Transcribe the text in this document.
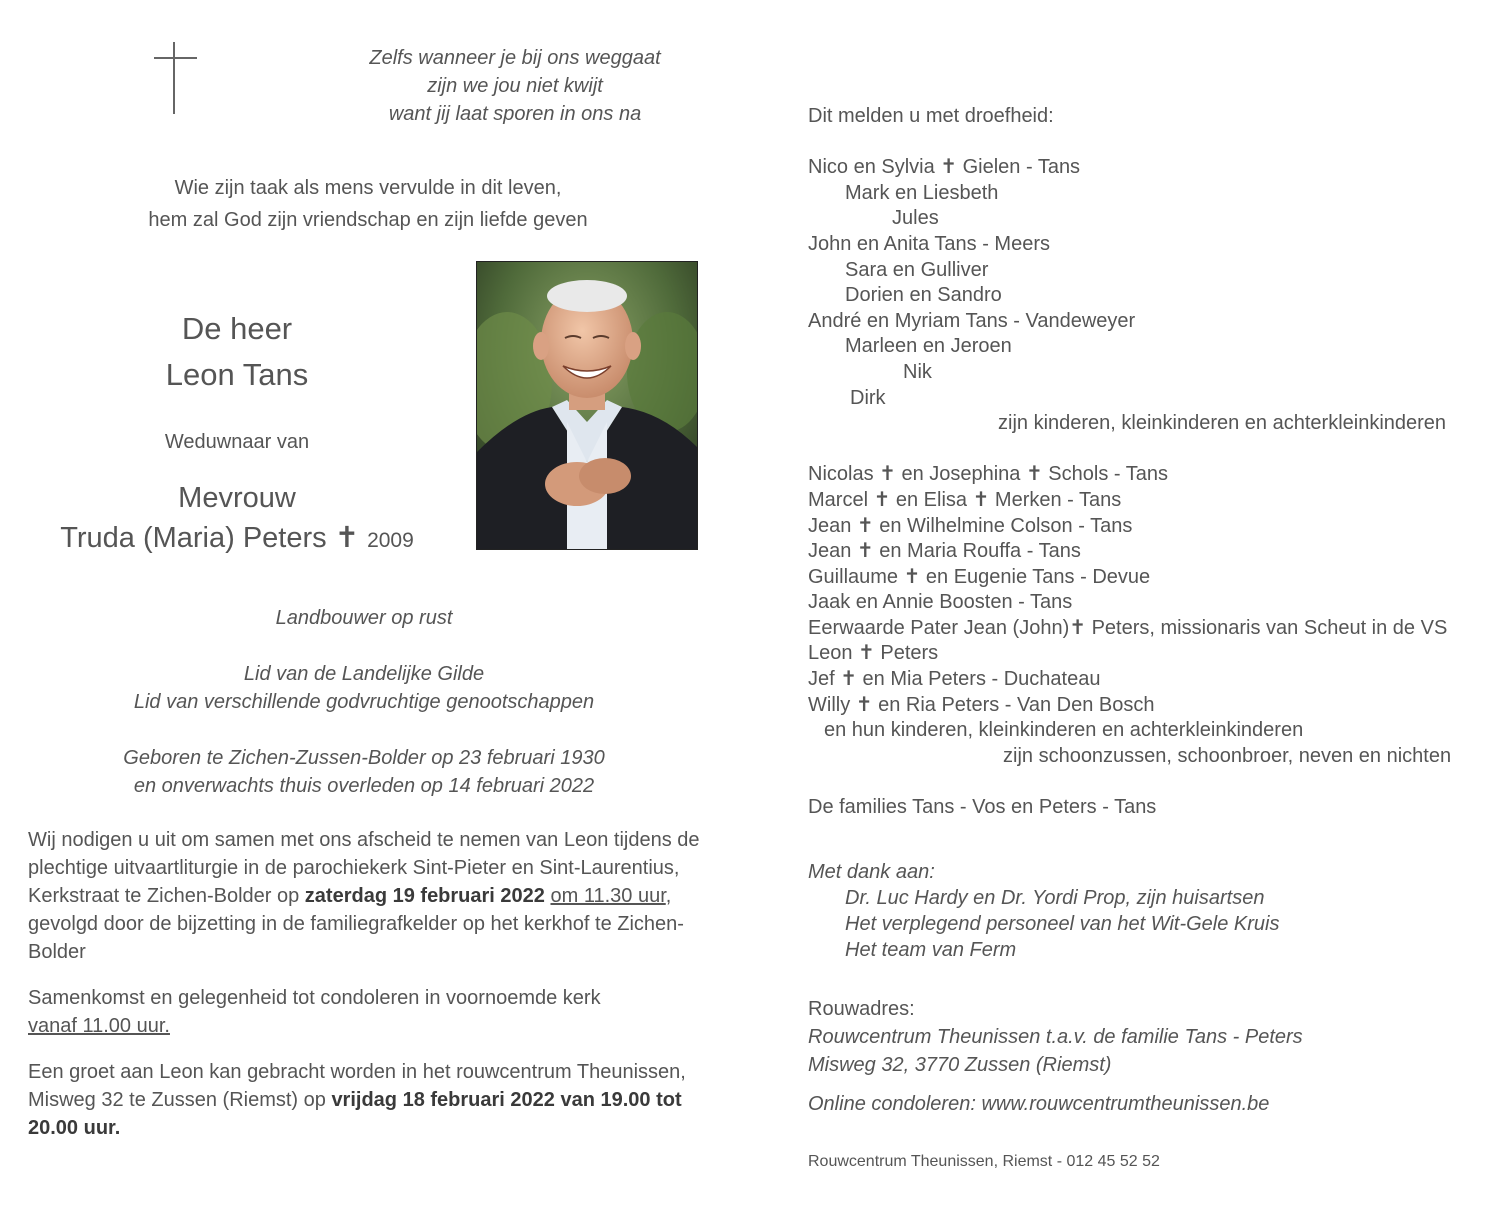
Zelfs wanneer je bij ons weggaat
zijn we jou niet kwijt
want jij laat sporen in ons na
Wie zijn taak als mens vervulde in dit leven,
hem zal God zijn vriendschap en zijn liefde geven
De heer
Leon Tans
Weduwnaar van
Mevrouw
Truda (Maria) Peters ✝ 2009
Landbouwer op rust
Lid van de Landelijke Gilde
Lid van verschillende godvruchtige genootschappen
Geboren te Zichen-Zussen-Bolder op 23 februari 1930
en onverwachts thuis overleden op 14 februari 2022

Wij nodigen u uit om samen met ons afscheid te nemen van Leon tijdens de plechtige uitvaartliturgie in de parochiekerk Sint-Pieter en Sint-Laurentius, Kerkstraat te Zichen-Bolder op zaterdag 19 februari 2022 om 11.30 uur, gevolgd door de bijzetting in de familiegrafkelder op het kerkhof te Zichen-Bolder

Samenkomst en gelegenheid tot condoleren in voornoemde kerk
vanaf 11.00 uur.

Een groet aan Leon kan gebracht worden in het rouwcentrum Theunissen, Misweg 32 te Zussen (Riemst) op vrijdag 18 februari 2022 van 19.00 tot 20.00 uur.

Dit melden u met droefheid:
Nico en Sylvia ✝ Gielen - Tans
Mark en Liesbeth
Jules
John en Anita Tans - Meers
Sara en Gulliver
Dorien en Sandro
André en Myriam Tans - Vandeweyer
Marleen en Jeroen
Nik
Dirk
zijn kinderen, kleinkinderen en achterkleinkinderen
Nicolas ✝ en Josephina ✝ Schols - Tans
Marcel ✝ en Elisa ✝ Merken - Tans
Jean ✝ en Wilhelmine Colson - Tans
Jean ✝ en Maria Rouffa - Tans
Guillaume ✝ en Eugenie Tans - Devue
Jaak en Annie Boosten - Tans
Eerwaarde Pater Jean (John)✝ Peters, missionaris van Scheut in de VS
Leon ✝ Peters
Jef ✝ en Mia Peters - Duchateau
Willy ✝ en Ria Peters - Van Den Bosch
en hun kinderen, kleinkinderen en achterkleinkinderen
zijn schoonzussen, schoonbroer, neven en nichten
De families Tans - Vos en Peters - Tans
Met dank aan:
Dr. Luc Hardy en Dr. Yordi Prop, zijn huisartsen
Het verplegend personeel van het Wit-Gele Kruis
Het team van Ferm
Rouwadres:
Rouwcentrum Theunissen t.a.v. de familie Tans - Peters
Misweg 32, 3770 Zussen (Riemst)
Online condoleren: www.rouwcentrumtheunissen.be
Rouwcentrum Theunissen, Riemst - 012 45 52 52
